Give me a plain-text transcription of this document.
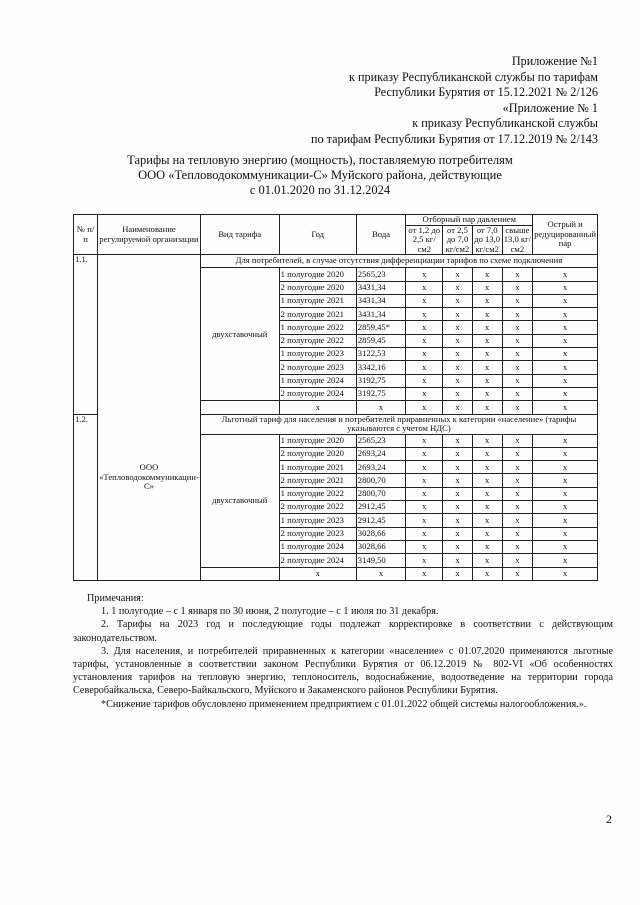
Приложение №1
к приказу Республиканской службы по тарифам
Республики Бурятия от 15.12.2021 № 2/126
«Приложение № 1
к приказу Республиканской службы
по тарифам Республики Бурятия от 17.12.2019 № 2/143
Тарифы на тепловую энергию (мощность), поставляемую потребителям
ООО «Тепловодокоммуникации-С» Муйского района, действующие
с 01.01.2020 по 31.12.2024
№ п/п	Наименование регулируемой организации	Вид тарифа	Год	Вода	Отборный пар давлением				Острый и редуцированный пар
					от 1,2 до 2,5 кг/см2	от 2,5 до 7,0 кг/см2	от 7,0 до 13,0 кг/см2	свыше 13,0 кг/см2	
1.1.	ООО «Тепловодокоммуникации-С»	Для потребителей, в случае отсутствия дифференциации тарифов по схеме подключения							
		двухставочный	1 полугодие 2020	2565,23	x	x	x	x	x
			2 полугодие 2020	3431,34	x	x	x	x	x
			1 полугодие 2021	3431,34	x	x	x	x	x
			2 полугодие 2021	3431,34	x	x	x	x	x
			1 полугодие 2022	2859,45*	x	x	x	x	x
			2 полугодие 2022	2859,45	x	x	x	x	x
			1 полугодие 2023	3122,53	x	x	x	x	x
			2 полугодие 2023	3342,16	x	x	x	x	x
			1 полугодие 2024	3192,75	x	x	x	x	x
			2 полугодие 2024	3192,75	x	x	x	x	x
			x	x	x	x	x	x	x
1.2.		Льготный тариф для населения и потребителей приравненных к категории «население» (тарифы указываются с учетом НДС)							
		двухставочный	1 полугодие 2020	2565,23	x	x	x	x	x
			2 полугодие 2020	2693,24	x	x	x	x	x
			1 полугодие 2021	2693,24	x	x	x	x	x
			2 полугодие 2021	2800,70	x	x	x	x	x
			1 полугодие 2022	2800,70	x	x	x	x	x
			2 полугодие 2022	2912,45	x	x	x	x	x
			1 полугодие 2023	2912,45	x	x	x	x	x
			2 полугодие 2023	3028,66	x	x	x	x	x
			1 полугодие 2024	3028,66	x	x	x	x	x
			2 полугодие 2024	3149,50	x	x	x	x	x
			x	x	x	x	x	x	x
Примечания:

1. 1 полугодие – с 1 января по 30 июня, 2 полугодие – с 1 июля по 31 декабря.

2. Тарифы на 2023 год и последующие годы подлежат корректировке в соответствии с действующим законодательством.

3. Для населения, и потребителей приравненных к категории «население» с 01.07.2020 применяются льготные тарифы, установленные в соответствии законом Республики Бурятия от 06.12.2019 № 802-VI «Об особенностях установления тарифов на тепловую энергию, теплоноситель, водоснабжение, водоотведение на территории города Северобайкальска, Северо-Байкальского, Муйского и Закаменского районов Республики Бурятия.

*Снижение тарифов обусловлено применением предприятием с 01.01.2022 общей системы налогообложения.».

2
